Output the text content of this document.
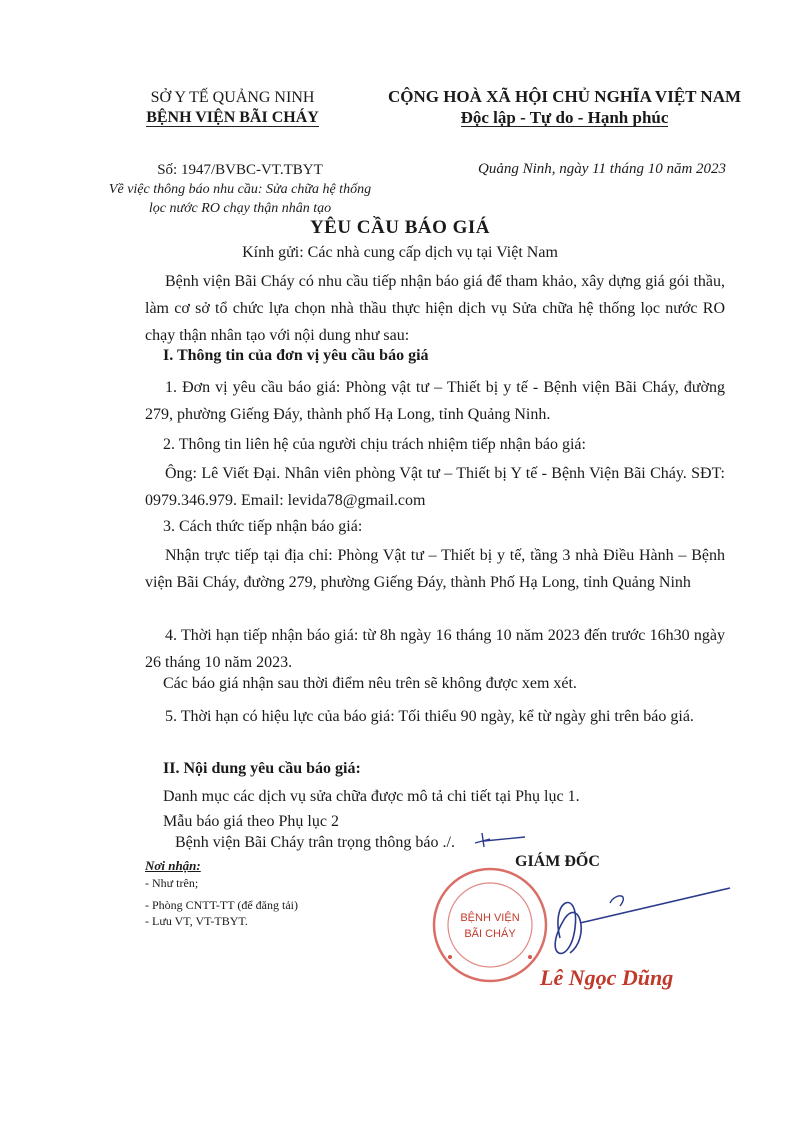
SỞ Y TẾ QUẢNG NINH
BỆNH VIỆN BÃI CHÁY
CỘNG HOÀ XÃ HỘI CHỦ NGHĨA VIỆT NAM
Độc lập - Tự do - Hạnh phúc
Số: 1947/BVBC-VT.TBYT
Về việc thông báo nhu cầu: Sửa chữa hệ thống
lọc nước RO chạy thận nhân tạo
Quảng Ninh, ngày 11 tháng 10 năm 2023
YÊU CẦU BÁO GIÁ
Kính gửi: Các nhà cung cấp dịch vụ tại Việt Nam
Bệnh viện Bãi Cháy có nhu cầu tiếp nhận báo giá để tham khảo, xây dựng giá gói thầu, làm cơ sở tổ chức lựa chọn nhà thầu thực hiện dịch vụ Sửa chữa hệ thống lọc nước RO chạy thận nhân tạo với nội dung như sau:
I. Thông tin của đơn vị yêu cầu báo giá
1. Đơn vị yêu cầu báo giá: Phòng vật tư – Thiết bị y tế - Bệnh viện Bãi Cháy, đường 279, phường Giếng Đáy, thành phố Hạ Long, tỉnh Quảng Ninh.
2. Thông tin liên hệ của người chịu trách nhiệm tiếp nhận báo giá:
Ông: Lê Viết Đại. Nhân viên phòng Vật tư – Thiết bị Y tế - Bệnh Viện Bãi Cháy. SĐT: 0979.346.979. Email: levida78@gmail.com
3. Cách thức tiếp nhận báo giá:
Nhận trực tiếp tại địa chỉ: Phòng Vật tư – Thiết bị y tế, tầng 3 nhà Điều Hành – Bệnh viện Bãi Cháy, đường 279, phường Giếng Đáy, thành Phố Hạ Long, tỉnh Quảng Ninh
4. Thời hạn tiếp nhận báo giá: từ 8h ngày 16 tháng 10 năm 2023 đến trước 16h30 ngày 26 tháng 10 năm 2023.
Các báo giá nhận sau thời điểm nêu trên sẽ không được xem xét.
5. Thời hạn có hiệu lực của báo giá: Tối thiểu 90 ngày, kể từ ngày ghi trên báo giá.
II. Nội dung yêu cầu báo giá:
Danh mục các dịch vụ sửa chữa được mô tả chi tiết tại Phụ lục 1.
Mẫu báo giá theo Phụ lục 2
Bệnh viện Bãi Cháy trân trọng thông báo ./.
Nơi nhận:
- Như trên;
- Phòng CNTT-TT (để đăng tải)
- Lưu VT, VT-TBYT.
GIÁM ĐỐC
BỆNH VIỆN
BÃI CHÁY
Lê Ngọc Dũng
